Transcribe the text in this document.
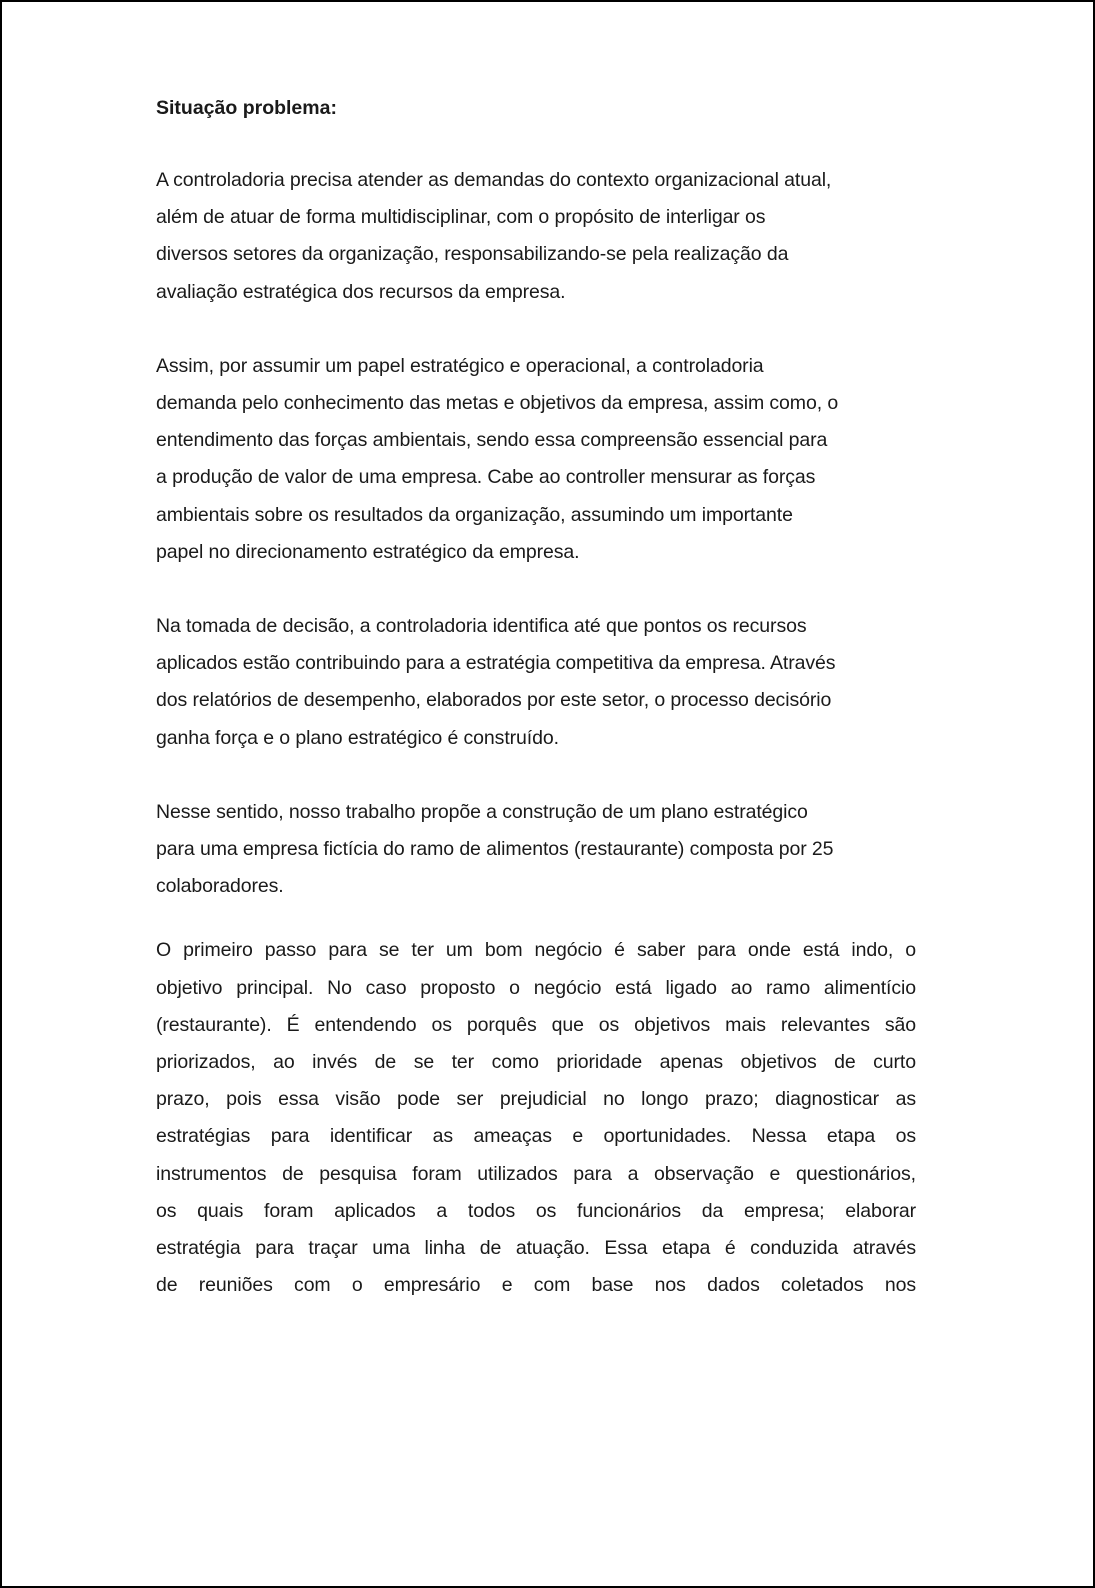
Situação problema:

A controladoria precisa atender as demandas do contexto organizacional atual,
além de atuar de forma multidisciplinar, com o propósito de interligar os
diversos setores da organização, responsabilizando-se pela realização da
avaliação estratégica dos recursos da empresa.

Assim, por assumir um papel estratégico e operacional, a controladoria
demanda pelo conhecimento das metas e objetivos da empresa, assim como, o
entendimento das forças ambientais, sendo essa compreensão essencial para
a produção de valor de uma empresa. Cabe ao controller mensurar as forças
ambientais sobre os resultados da organização, assumindo um importante
papel no direcionamento estratégico da empresa.

Na tomada de decisão, a controladoria identifica até que pontos os recursos
aplicados estão contribuindo para a estratégia competitiva da empresa. Através
dos relatórios de desempenho, elaborados por este setor, o processo decisório
ganha força e o plano estratégico é construído.

Nesse sentido, nosso trabalho propõe a construção de um plano estratégico
para uma empresa fictícia do ramo de alimentos (restaurante) composta por 25
colaboradores.

O primeiro passo para se ter um bom negócio é saber para onde está indo, o
objetivo principal. No caso proposto o negócio está ligado ao ramo alimentício
(restaurante). É entendendo os porquês que os objetivos mais relevantes são
priorizados, ao invés de se ter como prioridade apenas objetivos de curto
prazo, pois essa visão pode ser prejudicial no longo prazo; diagnosticar as
estratégias para identificar as ameaças e oportunidades. Nessa etapa os
instrumentos de pesquisa foram utilizados para a observação e questionários,
os quais foram aplicados a todos os funcionários da empresa; elaborar
estratégia para traçar uma linha de atuação. Essa etapa é conduzida através
de reuniões com o empresário e com base nos dados coletados nos
